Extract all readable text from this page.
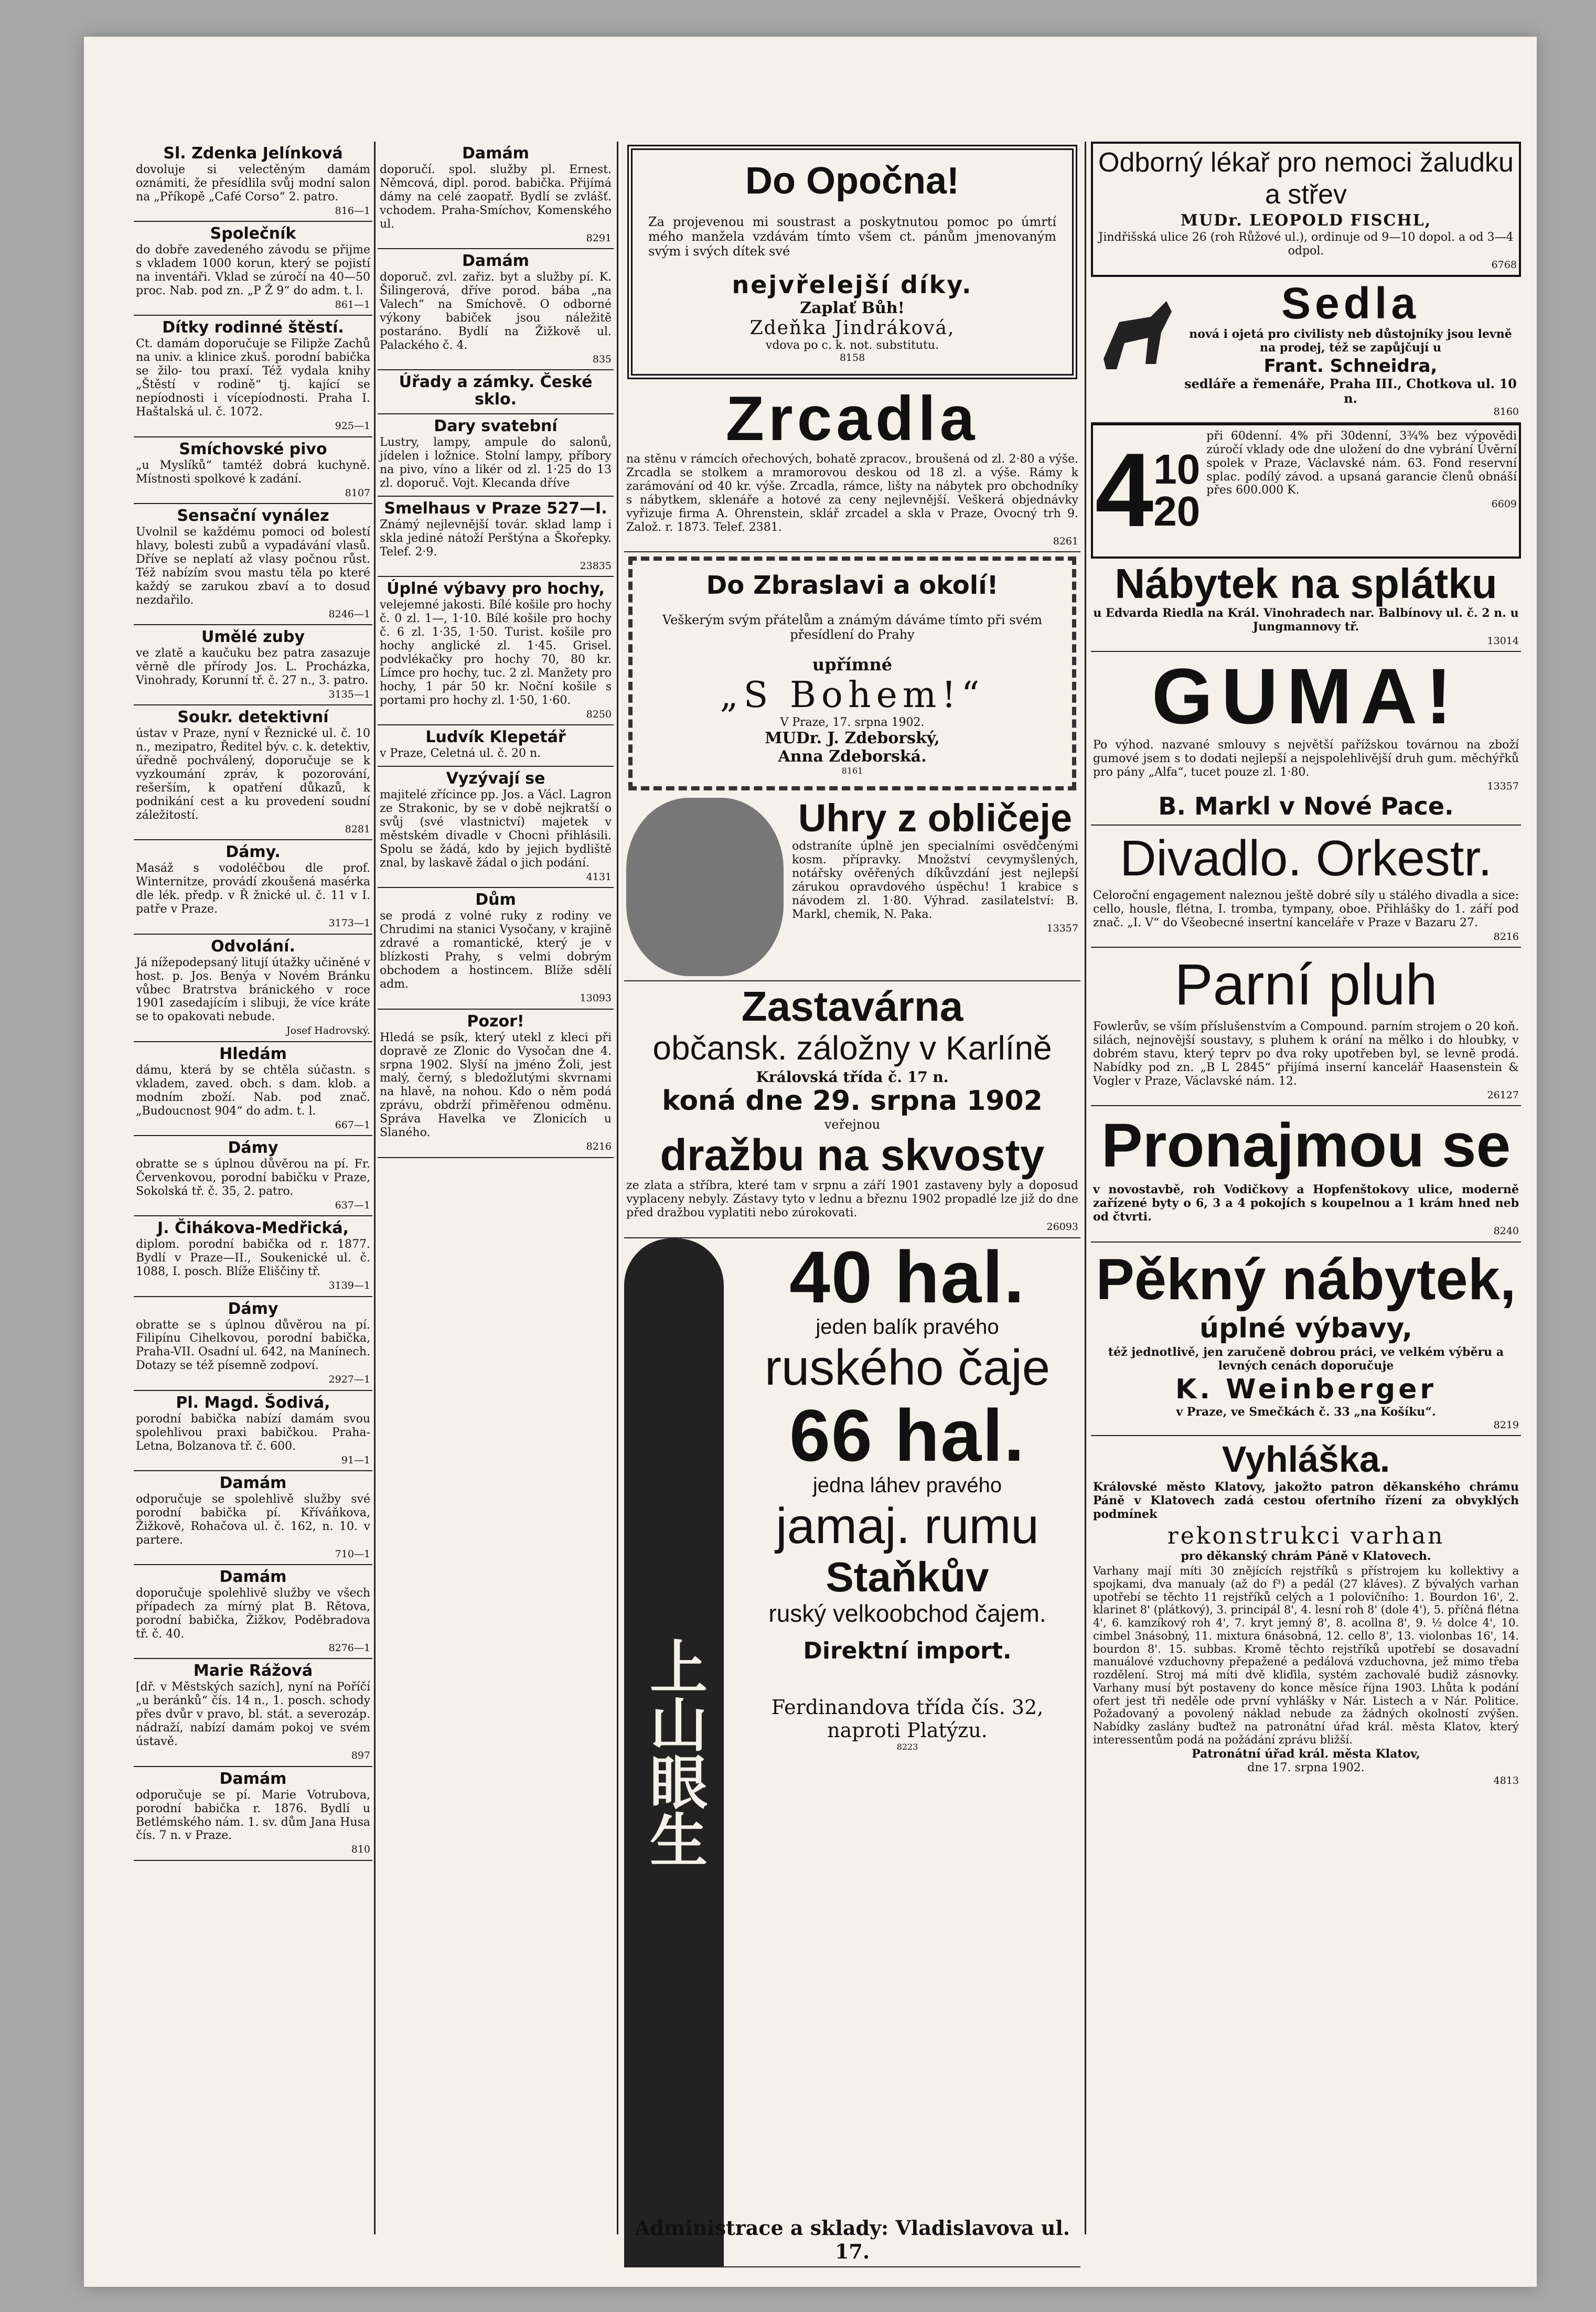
Sl. Zdenka Jelínková

dovoluje si velectěným damám oznámiti, že přesídlila svůj modní salon na „Příkopě „Café Corso“ 2. patro.

816—1
Společník

do dobře zavedeného závodu se přijme s vkladem 1000 korun, který se pojistí na inventáři. Vklad se zúročí na 40—50 proc. Nab. pod zn. „P Ž 9“ do adm. t. l.

861—1
Dítky rodinné štěstí.

Ct. damám doporučuje se Filipže Zachů na univ. a klinice zkuš. porodní babička se žilo- tou praxí. Též vydala knihy „Štěstí v rodině“ tj. kající se nepíodnosti i vícepíodnosti. Praha I. Haštalská ul. č. 1072.

925—1
Smíchovské pivo

„u Myslíků“ tamtéž dobrá kuchyně. Místnosti spolkové k zadání.

8107
Sensační vynález

Uvolnil se každému pomoci od bolestí hlavy, bolesti zubů a vypadávání vlasů. Dříve se neplatí až vlasy počnou růst. Též nabízím svou mastu těla po které každý se zarukou zbaví a to dosud nezdařilo.

8246—1
Umělé zuby

ve zlatě a kaučuku bez patra zasazuje věrně dle přírody Jos. L. Procházka, Vinohrady, Korunní tř. č. 27 n., 3. patro.

3135—1
Soukr. detektivní

ústav v Praze, nyní v Řeznické ul. č. 10 n., mezipatro, Ředitel býv. c. k. detektiv, úředně pochválený, doporučuje se k vyzkoumání zpráv, k pozorování, rešerším, k opatření důkazů, k podnikání cest a ku provedení soudní záležitostí.

8281
Dámy.

Masáž s vodoléčbou dle prof. Winternitze, provádí zkoušená masérka dle lék. předp. v Ř žnické ul. č. 11 v I. patře v Praze.

3173—1
Odvolání.

Já nížepodepsaný litují útažky učiněné v host. p. Jos. Benýa v Novém Bránku vůbec Bratrstva bránického v roce 1901 zasedajícím i slibuji, že více kráte se to opakovati nebude.

Josef Hadrovský.
Hledám

dámu, která by se chtěla súčastn. s vkladem, zaved. obch. s dam. klob. a modním zboží. Nab. pod znač. „Budoucnost 904“ do adm. t. l.

667—1
Dámy

obratte se s úplnou důvěrou na pí. Fr. Červenkovou, porodní babičku v Praze, Sokolská tř. č. 35, 2. patro.

637—1
J. Čihákova-Medřická,

diplom. porodní babička od r. 1877. Bydlí v Praze—II., Soukenické ul. č. 1088, I. posch. Blíže Eliščiny tř.

3139—1
Dámy

obratte se s úplnou důvěrou na pí. Filipínu Cihelkovou, porodní babička, Praha-VII. Osadní ul. 642, na Manínech. Dotazy se též písemně zodpoví.

2927—1
Pl. Magd. Šodivá,

porodní babička nabízí damám svou spolehlivou praxi babičkou. Praha-Letna, Bolzanova tř. č. 600.

91—1
Damám

odporučuje se spolehlivě služby své porodní babička pí. Kříváňkova, Žižkově, Rohačova ul. č. 162, n. 10. v partere.

710—1
Damám

doporučuje spolehlivě služby ve všech případech za mírný plat B. Rětova, porodní babička, Žižkov, Poděbradova tř. č. 40.

8276—1
Marie Rážová

[dř. v Městských sazích], nyní na Poříčí „u beránků“ čís. 14 n., 1. posch. schody přes dvůr v pravo, bl. stát. a severozáp. nádraží, nabízí damám pokoj ve svém ústavě.

897
Damám

odporučuje se pí. Marie Votrubova, porodní babička r. 1876. Bydlí u Betlémského nám. 1. sv. dům Jana Husa čís. 7 n. v Praze.

810
Damám

doporučí. spol. služby pl. Ernest. Němcová, dipl. porod. babička. Přijímá dámy na celé zaopatř. Bydlí se zvlášť. vchodem. Praha-Smíchov, Komenského ul.

8291
Damám

doporuč. zvl. zařiz. byt a služby pí. K. Šilingerová, dříve porod. bába „na Valech“ na Smíchově. O odborné výkony babiček jsou náležitě postaráno. Bydlí na Žižkově ul. Palackého č. 4.

835
Úřady a zámky. České sklo.

Dary svatební

Lustry, lampy, ampule do salonů, jídelen i ložnice. Stolní lampy, příbory na pivo, víno a likér od zl. 1·25 do 13 zl. doporuč. Vojt. Klecanda dříve

Smelhaus v Praze 527—I.

Známý nejlevnější továr. sklad lamp i skla jediné nátoží Perštýna a Škořepky. Telef. 2·9.

23835
Úplné výbavy pro hochy,

velejemné jakosti. Bílé košile pro hochy č. 0 zl. 1—, 1·10. Bílé košile pro hochy č. 6 zl. 1·35, 1·50. Turist. košile pro hochy anglické zl. 1·45. Grisel. podvlékačky pro hochy 70, 80 kr. Límce pro hochy, tuc. 2 zl. Manžety pro hochy, 1 pár 50 kr. Noční košile s portami pro hochy zl. 1·50, 1·60.

8250
Ludvík Klepetář

v Praze, Celetná ul. č. 20 n.

Vyzývají se

majitelé zřícince pp. Jos. a Václ. Lagron ze Strakonic, by se v době nejkratší o svůj (své vlastnictví) majetek v městském divadle v Chocni přihlásili. Spolu se žádá, kdo by jejich bydliště znal, by laskavě žádal o jich podání.

4131
Dům

se prodá z volné ruky z rodiny ve Chrudimi na stanici Vysočany, v krajině zdravé a romantické, který je v blízkosti Prahy, s velmi dobrým obchodem a hostincem. Blíže sdělí adm.

13093
Pozor!

Hledá se psík, který utekl z kleci při dopravě ze Zlonic do Vysočan dne 4. srpna 1902. Slyší na jméno Žoli, jest malý, černý, s bledožlutými skvrnami na hlavě, na nohou. Kdo o něm podá zprávu, obdrží přiměřenou odměnu. Správa Havelka ve Zlonicích u Slaného.

8216
Do Opočna!

Za projevenou mi soustrast a poskytnutou pomoc po úmrtí mého manžela vzdávám tímto všem ct. pánům jmenovaným svým i svých dítek své

nejvřelejší díky.
Zaplať Bůh!
Zdeňka Jindráková,
vdova po c. k. not. substitutu.
8158
Zrcadla

na stěnu v rámcích ořechových, bohatě zpracov., broušená od zl. 2·80 a výše. Zrcadla se stolkem a mramorovou deskou od 18 zl. a výše. Rámy k zarámování od 40 kr. výše. Zrcadla, rámce, lišty na nábytek pro obchodníky s nábytkem, sklenáře a hotové za ceny nejlevnější. Veškerá objednávky vyřizuje firma A. Ohrenstein, sklář zrcadel a skla v Praze, Ovocný trh 9. Založ. r. 1873. Telef. 2381.

8261
Do Zbraslavi a okolí!

Veškerým svým přátelům a známým dáváme tímto při svém přesídlení do Prahy

upřímné
„S Bohem!“
V Praze, 17. srpna 1902.
MUDr. J. Zdeborský,
Anna Zdeborská.
8161
Uhry z obličeje

odstraníte úplně jen specialními osvědčenými kosm. přípravky. Množství cevymyšlených, notářsky ověřených díkůvzdání jest nejlepší zárukou opravdového úspěchu! 1 krabice s návodem zl. 1·80. Výhrad. zasilatelství: B. Markl, chemik, N. Paka.

13357
Zastavárna
občansk. záložny v Karlíně
Královská třída č. 17 n.
koná dne 29. srpna 1902
veřejnou
dražbu na skvosty

ze zlata a stříbra, které tam v srpnu a září 1901 zastaveny byly a doposud vyplaceny nebyly. Zástavy tyto v lednu a březnu 1902 propadlé lze již do dne před dražbou vyplatiti nebo zúrokovati.

26093
上山眼生
40 hal.
jeden balík pravého
ruského čaje
66 hal.
jedna láhev pravého
jamaj. rumu
Staňkův
ruský velkoobchod čajem.
Direktní import.
Ferdinandova třída čís. 32, naproti Platýzu.
8223
Administrace a sklady: Vladislavova ul. 17.
Odborný lékař pro nemoci žaludku a střev
MUDr. LEOPOLD FISCHL,

Jindřišská ulice 26 (roh Růžové ul.), ordinuje od 9—10 dopol. a od 3—4 odpol.

6768
Sedla

nová i ojetá pro civilisty neb důstojníky jsou levně na prodej, též se zapůjčují u

Frant. Schneidra,
sedláře a řemenáře, Praha III., Chotkova ul. 10 n.
8160
4 1
2
0
0

při 60denní. 4% při 30denní, 3¾% bez výpovědi zúročí vklady ode dne uložení do dne vybrání Úvěrní spolek v Praze, Václavské nám. 63. Fond reservní splac. podílý závod. a upsaná garancie členů obnáší přes 600.000 K.

6609
Nábytek na splátku

u Edvarda Riedla na Král. Vinohradech nar. Balbínovy ul. č. 2 n. u Jungmannovy tř.

13014
GUMA!

Po výhod. nazvané smlouvy s největší pařížskou továrnou na zboží gumové jsem s to dodati nejlepší a nejspolehlivější druh gum. měchýřků pro pány „Alfa“, tucet pouze zl. 1·80.

13357
B. Markl v Nové Pace.
Divadlo. Orkestr.

Celoroční engagement naleznou ještě dobré síly u stálého divadla a sice: cello, housle, flétna, I. tromba, tympany, oboe. Přihlášky do 1. září pod znač. „I. V“ do Všeobecné insertní kanceláře v Praze v Bazaru 27.

8216
Parní pluh

Fowlerův, se vším příslušenstvím a Compound. parním strojem o 20 koň. silách, nejnovější soustavy, s pluhem k orání na mělko i do hloubky, v dobrém stavu, který teprv po dva roky upotřeben byl, se levně prodá. Nabídky pod zn. „B L 2845“ přijímá inserní kancelář Haasenstein & Vogler v Praze, Václavské nám. 12.

26127
Pronajmou se

v novostavbě, roh Vodičkovy a Hopfenštokovy ulice, moderně zařízené byty o 6, 3 a 4 pokojích s koupelnou a 1 krám hned neb od čtvrti.

8240
Pěkný nábytek,
úplné výbavy,

též jednotlivě, jen zaručeně dobrou práci, ve velkém výběru a levných cenách doporučuje

K. Weinberger
v Praze, ve Smečkách č. 33 „na Košíku“.
8219
Vyhláška.

Královské město Klatovy, jakožto patron děkanského chrámu Páně v Klatovech zadá cestou ofertního řízení za obvyklých podmínek

rekonstrukci varhan
pro děkanský chrám Páně v Klatovech.

Varhany mají míti 30 znějících rejstříků s přístrojem ku kollektivy a spojkami, dva manualy (až do f³) a pedál (27 kláves). Z bývalých varhan upotřebí se těchto 11 rejstříků celých a 1 polovičního: 1. Bourdon 16', 2. klarinet 8' (plátkový), 3. principál 8', 4. lesní roh 8' (dole 4'), 5. příčná flétna 4', 6. kamzíkový roh 4', 7. kryt jemný 8', 8. acollna 8', 9. ½ dolce 4', 10. cimbel 3násobný, 11. mixtura 6násobná, 12. cello 8', 13. violonbas 16', 14. bourdon 8'. 15. subbas. Kromě těchto rejstříků upotřebí se dosavadní manuálové vzduchovny přepažené a pedálová vzduchovna, jež mimo třeba rozdělení. Stroj má míti dvě kliďila, systém zachovalé budiž zásnovky. Varhany musí být postaveny do konce měsíce října 1903. Lhůta k podání ofert jest tři neděle ode první vyhlášky v Nár. Listech a v Nár. Politice. Požadovaný a povolený náklad nebude za žádných okolností zvýšen. Nabídky zaslány buďtež na patronátní úřad král. města Klatov, který interessentům podá na požádání zprávu bližší.

Patronátní úřad král. města Klatov,
dne 17. srpna 1902.
4813
